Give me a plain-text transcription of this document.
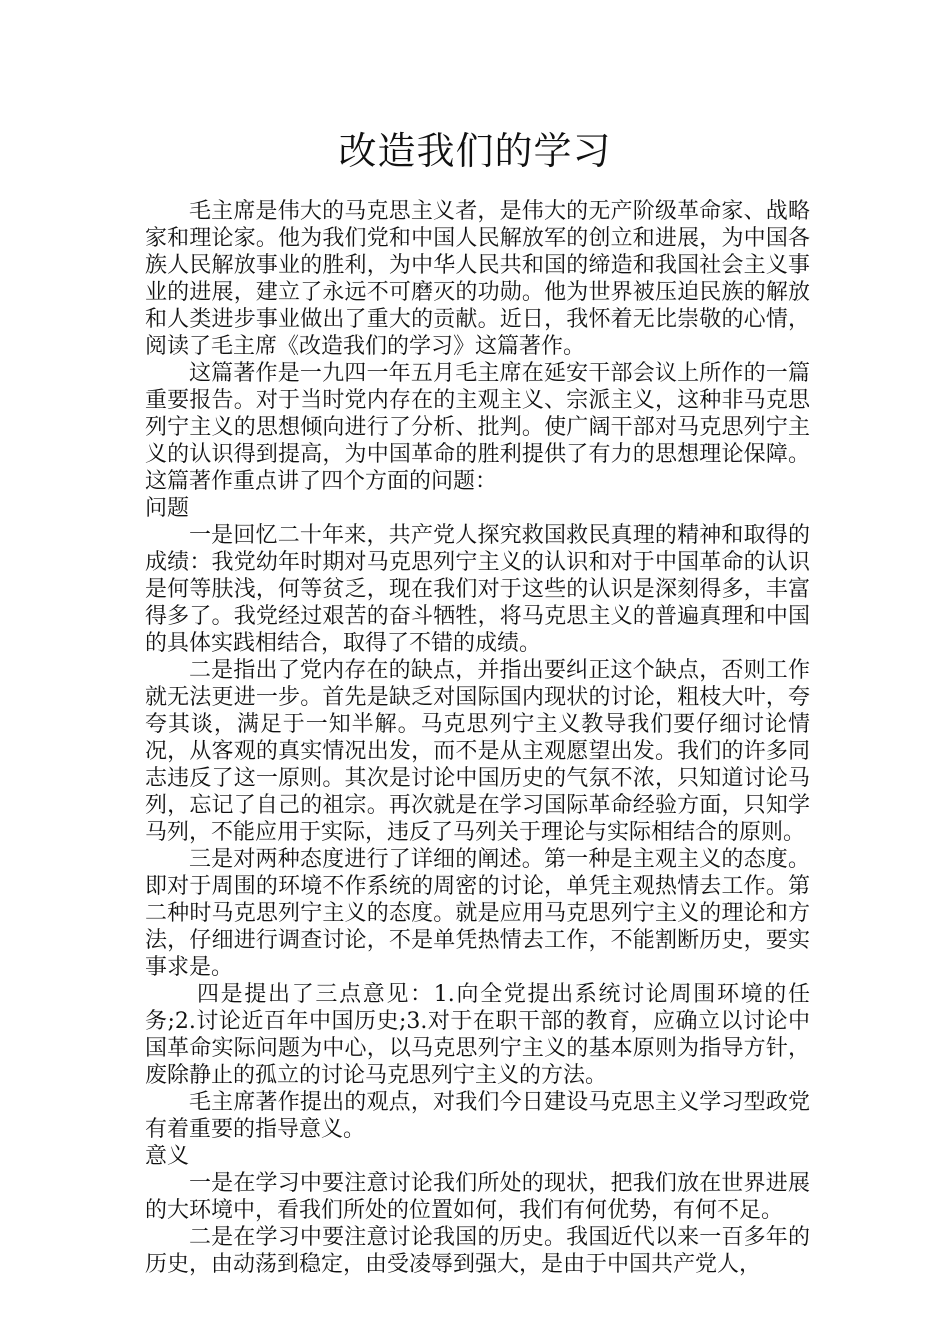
改造我们的学习

毛主席是伟大的马克思主义者，是伟大的无产阶级革命家、战略家和理论家。他为我们党和中国人民解放军的创立和进展，为中国各族人民解放事业的胜利，为中华人民共和国的缔造和我国社会主义事业的进展，建立了永远不可磨灭的功勋。他为世界被压迫民族的解放和人类进步事业做出了重大的贡献。近日，我怀着无比崇敬的心情，阅读了毛主席《改造我们的学习》这篇著作。

这篇著作是一九四一年五月毛主席在延安干部会议上所作的一篇重要报告。对于当时党内存在的主观主义、宗派主义，这种非马克思列宁主义的思想倾向进行了分析、批判。使广阔干部对马克思列宁主义的认识得到提高，为中国革命的胜利提供了有力的思想理论保障。这篇著作重点讲了四个方面的问题：

问题

一是回忆二十年来，共产党人探究救国救民真理的精神和取得的成绩：我党幼年时期对马克思列宁主义的认识和对于中国革命的认识是何等肤浅，何等贫乏，现在我们对于这些的认识是深刻得多，丰富得多了。我党经过艰苦的奋斗牺牲，将马克思主义的普遍真理和中国的具体实践相结合，取得了不错的成绩。

二是指出了党内存在的缺点，并指出要纠正这个缺点，否则工作就无法更进一步。首先是缺乏对国际国内现状的讨论，粗枝大叶，夸夸其谈，满足于一知半解。马克思列宁主义教导我们要仔细讨论情况，从客观的真实情况出发，而不是从主观愿望出发。我们的许多同志违反了这一原则。其次是讨论中国历史的气氛不浓，只知道讨论马列，忘记了自己的祖宗。再次就是在学习国际革命经验方面，只知学马列，不能应用于实际，违反了马列关于理论与实际相结合的原则。

三是对两种态度进行了详细的阐述。第一种是主观主义的态度。即对于周围的环境不作系统的周密的讨论，单凭主观热情去工作。第二种时马克思列宁主义的态度。就是应用马克思列宁主义的理论和方法，仔细进行调查讨论，不是单凭热情去工作，不能割断历史，要实事求是。

四是提出了三点意见：1.向全党提出系统讨论周围环境的任务;2.讨论近百年中国历史;3.对于在职干部的教育，应确立以讨论中国革命实际问题为中心，以马克思列宁主义的基本原则为指导方针，废除静止的孤立的讨论马克思列宁主义的方法。

毛主席著作提出的观点，对我们今日建设马克思主义学习型政党有着重要的指导意义。

意义

一是在学习中要注意讨论我们所处的现状，把我们放在世界进展的大环境中，看我们所处的位置如何，我们有何优势，有何不足。

二是在学习中要注意讨论我国的历史。我国近代以来一百多年的历史，由动荡到稳定，由受凌辱到强大，是由于中国共产党人，
